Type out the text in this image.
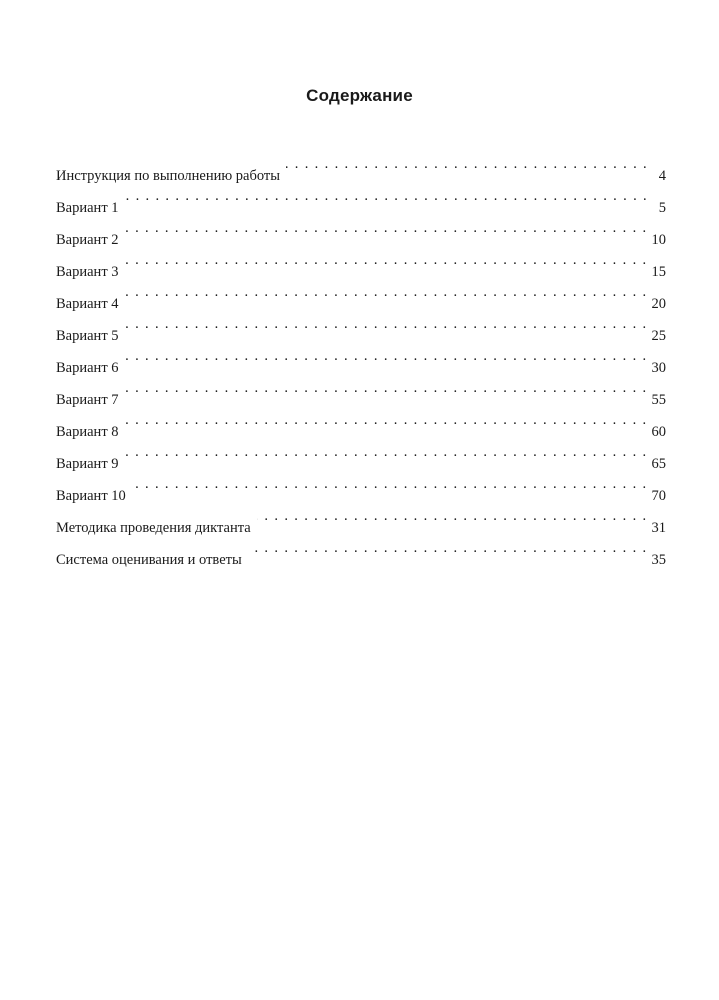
Содержание
Инструкция по выполнению работы . . .	4
Вариант 1 . . .	5
Вариант 2 . . .	10
Вариант 3 . . .	15
Вариант 4 . . .	20
Вариант 5 . . .	25
Вариант 6 . . .	30
Вариант 7 . . .	55
Вариант 8 . . .	60
Вариант 9 . . .	65
Вариант 10 . . .	70
Методика проведения диктанта . . .	31
Система оценивания и ответы . . .	35
